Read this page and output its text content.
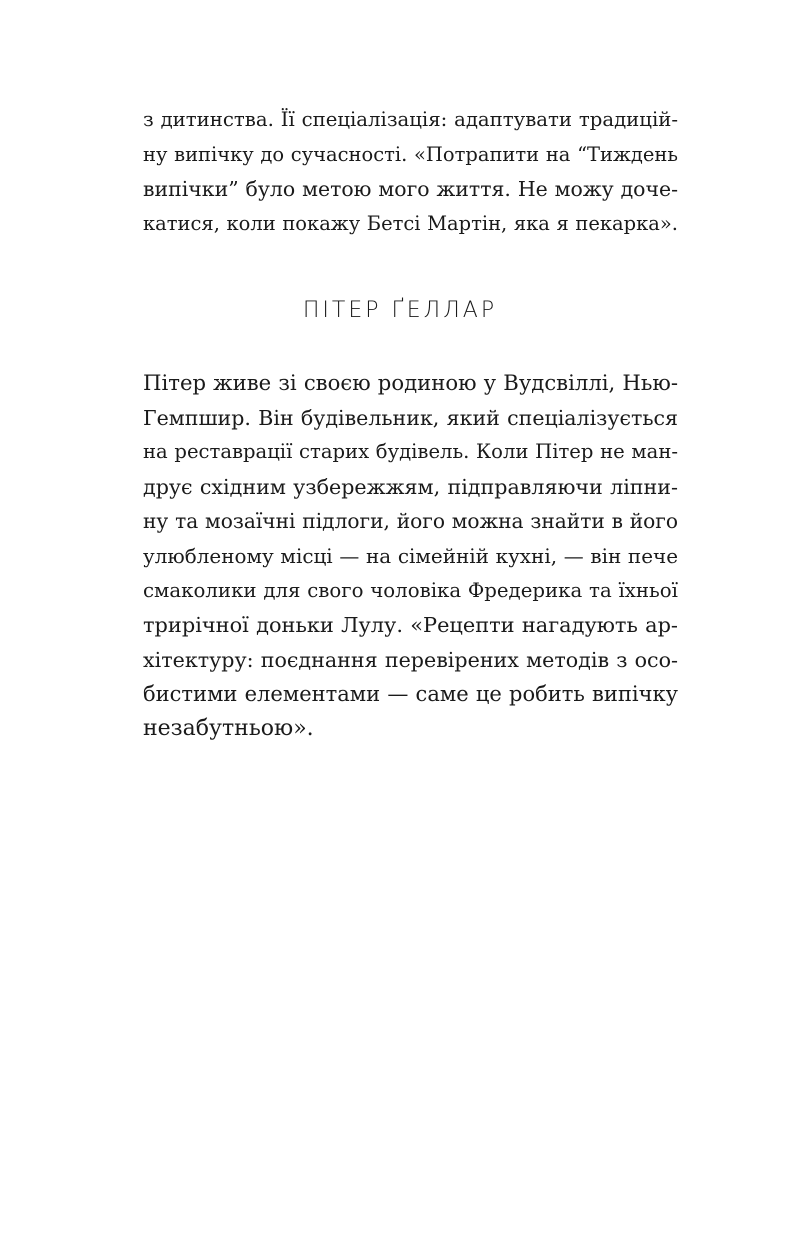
з дитинства. Її спеціалізація: адаптувати традицій-
ну випічку до сучасності. «Потрапити на “Тиждень
випічки” було метою мого життя. Не можу доче-
катися, коли покажу Бетсі Мартін, яка я пекарка».
ПІТЕР ҐЕЛЛАР
Пітер живе зі своєю родиною у Вудсвіллі, Нью-
Гемпшир. Він будівельник, який спеціалізується
на реставрації старих будівель. Коли Пітер не ман-
друє східним узбережжям, підправляючи ліпни-
ну та мозаїчні підлоги, його можна знайти в його
улюбленому місці — на сімейній кухні, — він пече
смаколики для свого чоловіка Фредерика та їхньої
трирічної доньки Лулу. «Рецепти нагадують ар-
хітектуру: поєднання перевірених методів з осо-
бистими елементами — саме це робить випічку
незабутньою».
